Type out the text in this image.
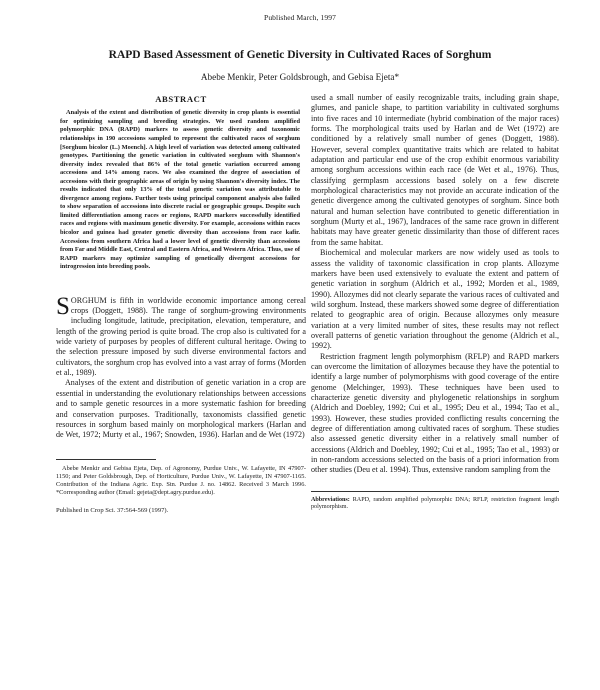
Published March, 1997
RAPD Based Assessment of Genetic Diversity in Cultivated Races of Sorghum
Abebe Menkir, Peter Goldsbrough, and Gebisa Ejeta*
ABSTRACT

Analysis of the extent and distribution of genetic diversity in crop plants is essential for optimizing sampling and breeding strategies. We used random amplified polymorphic DNA (RAPD) markers to assess genetic diversity and taxonomic relationships in 190 accessions sampled to represent the cultivated races of sorghum [Sorghum bicolor (L.) Moench]. A high level of variation was detected among cultivated genotypes. Partitioning the genetic variation in cultivated sorghum with Shannon's diversity index revealed that 86% of the total genetic variation occurred among accessions and 14% among races. We also examined the degree of association of accessions with their geographic areas of origin by using Shannon's diversity index. The results indicated that only 13% of the total genetic variation was attributable to divergence among regions. Further tests using principal component analysis also failed to show separation of accessions into discrete racial or geographic groups. Despite such limited differentiation among races or regions, RAPD markers successfully identified races and regions with maximum genetic diversity. For example, accessions within races bicolor and guinea had greater genetic diversity than accessions from race kafir. Accessions from southern Africa had a lower level of genetic diversity than accessions from Far and Middle East, Central and Eastern Africa, and Western Africa. Thus, use of RAPD markers may optimize sampling of genetically divergent accessions for introgression into breeding pools.

SORGHUM is fifth in worldwide economic importance among cereal crops (Doggett, 1988). The range of sorghum-growing environments including longitude, latitude, precipitation, elevation, temperature, and length of the growing period is quite broad. The crop also is cultivated for a wide variety of purposes by peoples of different cultural heritage. Owing to the selection pressure imposed by such diverse environmental factors and cultivators, the sorghum crop has evolved into a vast array of forms (Morden et al., 1989).

Analyses of the extent and distribution of genetic variation in a crop are essential in understanding the evolutionary relationships between accessions and to sample genetic resources in a more systematic fashion for breeding and conservation purposes. Traditionally, taxonomists classified genetic resources in sorghum based mainly on morphological markers (Harlan and de Wet, 1972; Murty et al., 1967; Snowden, 1936). Harlan and de Wet (1972)

Abebe Menkir and Gebisa Ejeta, Dep. of Agronomy, Purdue Univ., W. Lafayette, IN 47907-1150; and Peter Goldsbrough, Dep. of Horticulture, Purdue Univ., W. Lafayette, IN 47907-1165. Contribution of the Indiana Agric. Exp. Stn. Purdue J. no. 14862. Received 3 March 1996. *Corresponding author (Email: gejeta@dept.agry.purdue.edu).

Published in Crop Sci. 37:564-569 (1997).

used a small number of easily recognizable traits, including grain shape, glumes, and panicle shape, to partition variability in cultivated sorghums into five races and 10 intermediate (hybrid combination of the major races) forms. The morphological traits used by Harlan and de Wet (1972) are conditioned by a relatively small number of genes (Doggett, 1988). However, several complex quantitative traits which are related to habitat adaptation and particular end use of the crop exhibit enormous variability among sorghum accessions within each race (de Wet et al., 1976). Thus, classifying germplasm accessions based solely on a few discrete morphological characteristics may not provide an accurate indication of the genetic divergence among the cultivated genotypes of sorghum. Since both natural and human selection have contributed to genetic differentiation in sorghum (Murty et al., 1967), landraces of the same race grown in different habitats may have greater genetic dissimilarity than those of different races from the same habitat.

Biochemical and molecular markers are now widely used as tools to assess the validity of taxonomic classification in crop plants. Allozyme markers have been used extensively to evaluate the extent and pattern of genetic variation in sorghum (Aldrich et al., 1992; Morden et al., 1989, 1990). Allozymes did not clearly separate the various races of cultivated and wild sorghum. Instead, these markers showed some degree of differentiation related to geographic area of origin. Because allozymes only measure variation at a very limited number of sites, these results may not reflect overall patterns of genetic variation throughout the genome (Aldrich et al., 1992).

Restriction fragment length polymorphism (RFLP) and RAPD markers can overcome the limitation of allozymes because they have the potential to identify a large number of polymorphisms with good coverage of the entire genome (Melchinger, 1993). These techniques have been used to characterize genetic diversity and phylogenetic relationships in sorghum (Aldrich and Doebley, 1992; Cui et al., 1995; Deu et al., 1994; Tao et al., 1993). However, these studies provided conflicting results concerning the degree of differentiation among cultivated races of sorghum. These studies also assessed genetic diversity either in a relatively small number of accessions (Aldrich and Doebley, 1992; Cui et al., 1995; Tao et al., 1993) or in non-random accessions selected on the basis of a priori information from other studies (Deu et al. 1994). Thus, extensive random sampling from the

Abbreviations: RAPD, random amplified polymorphic DNA; RFLP, restriction fragment length polymorphism.
